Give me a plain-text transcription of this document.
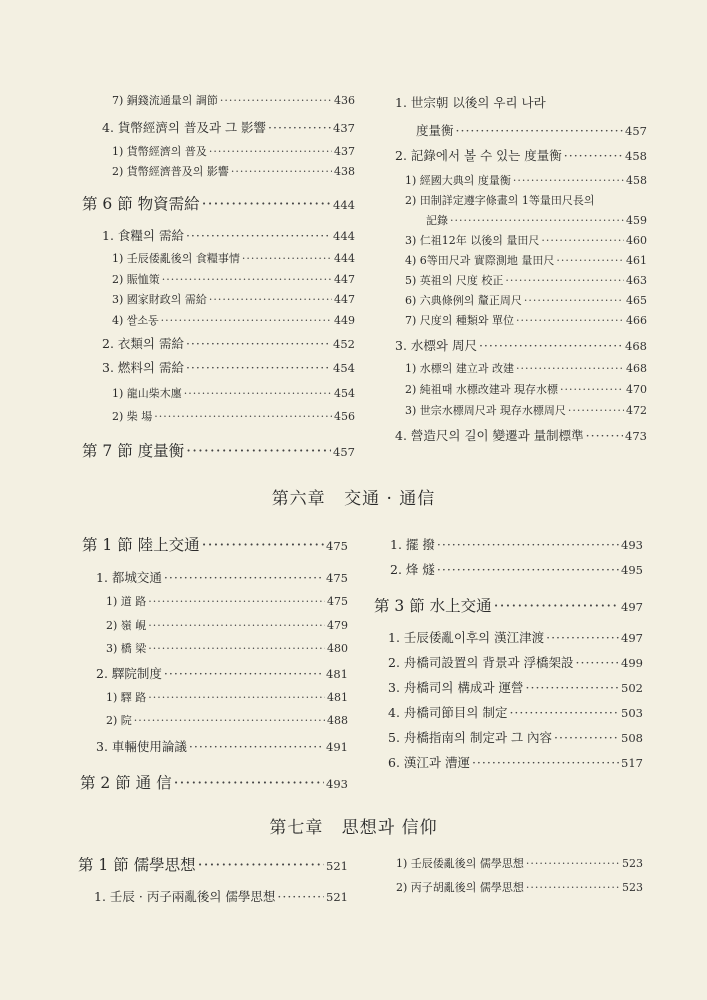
第六章 交通 · 通信
第七章 思想과 信仰
7) 銅錢流通量의 調節 ·····	436
4. 貨幣經濟의 普及과 그 影響 ·····	437
1) 貨幣經濟의 普及 ·····	437
2) 貨幣經濟普及의 影響 ·····	438
第 6 節 物資需給 ·····	444
1. 食糧의 需給 ·····	444
1) 壬辰倭亂後의 食糧事情 ·····	444
2) 賑恤策 ·····	447
3) 國家財政의 需給 ·····	447
4) 쌀소동 ·····	449
2. 衣類의 需給 ·····	452
3. 燃料의 需給 ·····	454
1) 龍山柴木廛 ·····	454
2) 柴 場 ·····	456
第 7 節 度量衡 ·····	457
1. 世宗朝 以後의 우리 나라
度量衡 ·····	457
2. 記錄에서 볼 수 있는 度量衡 ·····	458
1) 經國大典의 度量衡 ·····	458
2) 田制詳定遵字條畫의 1等量田尺長의
記錄 ·····	459
3) 仁祖12年 以後의 量田尺 ·····	460
4) 6等田尺과 實際測地 量田尺 ·····	461
5) 英祖의 尺度 校正 ·····	463
6) 六典條例의 釐正周尺 ·····	465
7) 尺度의 種類와 單位 ·····	466
3. 水標와 周尺 ·····	468
1) 水標의 建立과 改建 ·····	468
2) 純祖때 水標改建과 現存水標 ·····	470
3) 世宗水標周尺과 現存水標周尺 ·····	472
4. 營造尺의 길이 變遷과 量制標準 ·····	473
第 1 節 陸上交通 ·····	475
1. 都城交通 ·····	475
1) 道 路 ·····	475
2) 嶺 峴 ·····	479
3) 橋 梁 ·····	480
2. 驛院制度 ·····	481
1) 驛 路 ·····	481
2) 院 ·····	488
3. 車輛使用論議 ·····	491
第 2 節 通 信 ·····	493
1. 擺 撥 ·····	493
2. 烽 燧 ·····	495
第 3 節 水上交通 ·····	497
1. 壬辰倭亂이후의 漢江津渡 ·····	497
2. 舟橋司設置의 背景과 浮橋架設 ·····	499
3. 舟橋司의 構成과 運營 ·····	502
4. 舟橋司節目의 制定 ·····	503
5. 舟橋指南의 制定과 그 內容 ·····	508
6. 漢江과 漕運 ·····	517
第 1 節 儒學思想 ·····	521
1. 壬辰 · 丙子兩亂後의 儒學思想 ·····	521
1) 壬辰倭亂後의 儒學思想 ·····	523
2) 丙子胡亂後의 儒學思想 ·····	523
